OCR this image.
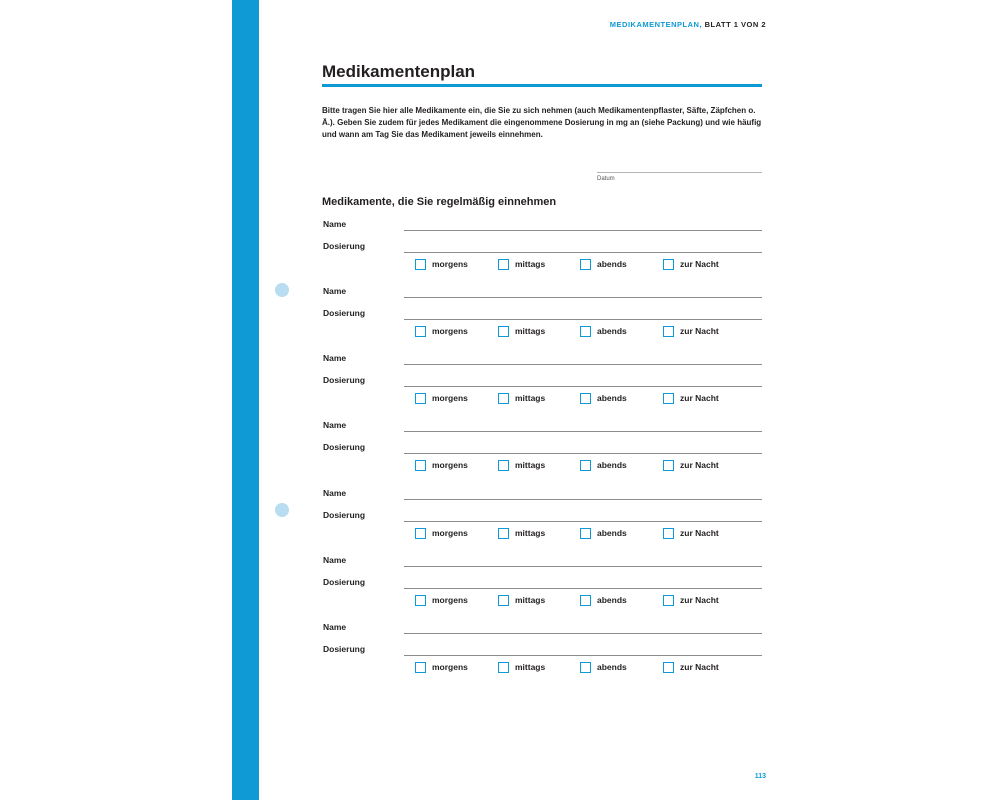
MEDIKAMENTENPLAN, BLATT 1 VON 2
Medikamentenplan

Bitte tragen Sie hier alle Medikamente ein, die Sie zu sich nehmen (auch Medikamentenpflaster, Säfte, Zäpfchen o. Ä.). Geben Sie zudem für jedes Medikament die eingenommene Dosierung in mg an (siehe Packung) und wie häufig und wann am Tag Sie das Medikament jeweils einnehmen.

Datum
Medikamente, die Sie regelmäßig einnehmen
Name
Dosierung
morgens	mittags	abends	zur Nacht
Name
Dosierung
morgens	mittags	abends	zur Nacht
Name
Dosierung
morgens	mittags	abends	zur Nacht
Name
Dosierung
morgens	mittags	abends	zur Nacht
Name
Dosierung
morgens	mittags	abends	zur Nacht
Name
Dosierung
morgens	mittags	abends	zur Nacht
Name
Dosierung
morgens	mittags	abends	zur Nacht
113
